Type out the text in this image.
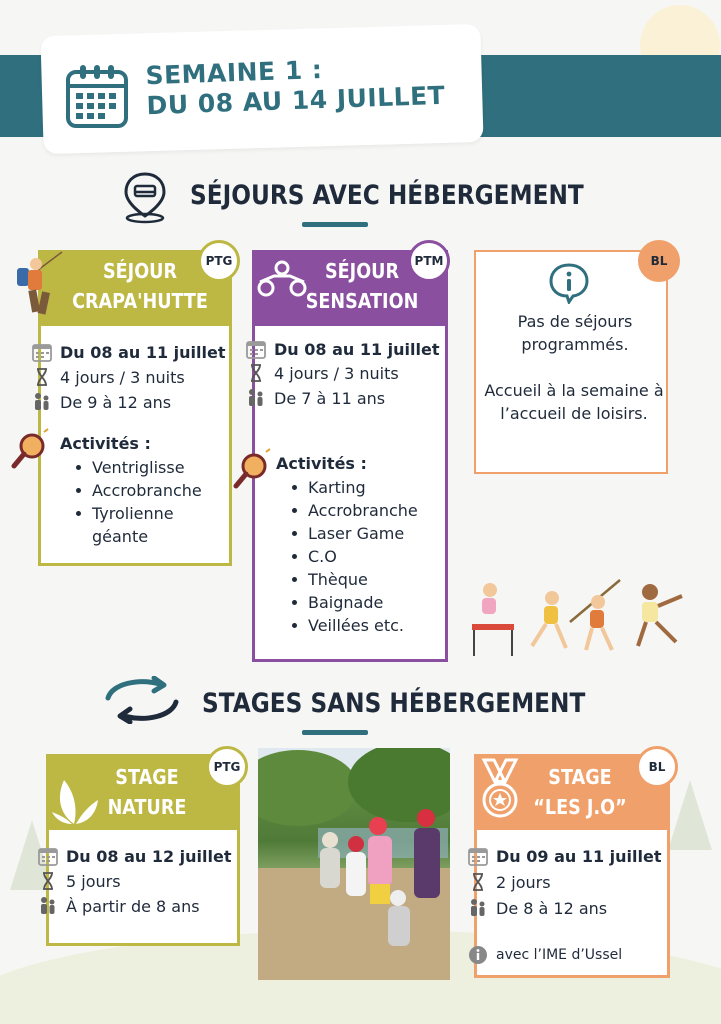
SEMAINE 1 :
DU 08 AU 14 JUILLET
SÉJOURS AVEC HÉBERGEMENT
SÉJOUR
CRAPA'HUTTE
PTG
Du 08 au 11 juillet
4 jours / 3 nuits
De 9 à 12 ans
Activités :
Ventriglisse
Accrobranche
Tyrolienne géante
SÉJOUR
SENSATION
PTM
Du 08 au 11 juillet
4 jours / 3 nuits
De 7 à 11 ans
Activités :
Karting
Accrobranche
Laser Game
C.O
Thèque
Baignade
Veillées etc.
BL
Pas de séjours programmés.
Accueil à la semaine à l’accueil de loisirs.
STAGES SANS HÉBERGEMENT
STAGE
NATURE
PTG
Du 08 au 12 juillet
5 jours
À partir de 8 ans
STAGE
“LES J.O”
BL
Du 09 au 11 juillet
2 jours
De 8 à 12 ans
avec l’IME d’Ussel
